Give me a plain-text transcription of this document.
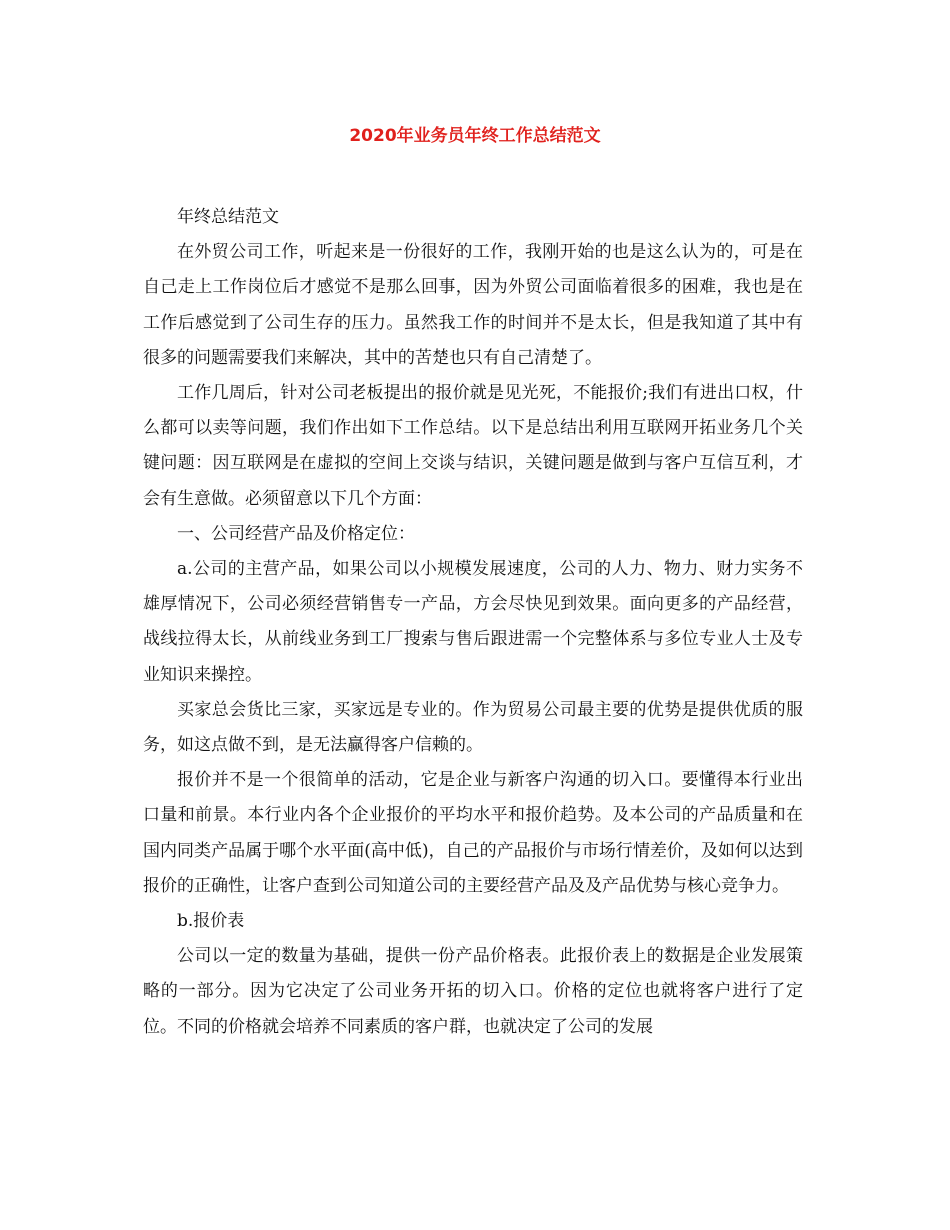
2020年业务员年终工作总结范文

年终总结范文

在外贸公司工作，听起来是一份很好的工作，我刚开始的也是这么认为的，可是在自己走上工作岗位后才感觉不是那么回事，因为外贸公司面临着很多的困难，我也是在工作后感觉到了公司生存的压力。虽然我工作的时间并不是太长，但是我知道了其中有很多的问题需要我们来解决，其中的苦楚也只有自己清楚了。

工作几周后，针对公司老板提出的报价就是见光死，不能报价;我们有进出口权，什么都可以卖等问题，我们作出如下工作总结。以下是总结出利用互联网开拓业务几个关键问题：因互联网是在虚拟的空间上交谈与结识，关键问题是做到与客户互信互利，才会有生意做。必须留意以下几个方面：

一、公司经营产品及价格定位：

a.公司的主营产品，如果公司以小规模发展速度，公司的人力、物力、财力实务不雄厚情况下，公司必须经营销售专一产品，方会尽快见到效果。面向更多的产品经营，战线拉得太长，从前线业务到工厂搜索与售后跟进需一个完整体系与多位专业人士及专业知识来操控。

买家总会货比三家，买家远是专业的。作为贸易公司最主要的优势是提供优质的服务，如这点做不到，是无法赢得客户信赖的。

报价并不是一个很简单的活动，它是企业与新客户沟通的切入口。要懂得本行业出口量和前景。本行业内各个企业报价的平均水平和报价趋势。及本公司的产品质量和在国内同类产品属于哪个水平面(高中低)，自己的产品报价与市场行情差价，及如何以达到报价的正确性，让客户查到公司知道公司的主要经营产品及及产品优势与核心竞争力。

b.报价表

公司以一定的数量为基础，提供一份产品价格表。此报价表上的数据是企业发展策略的一部分。因为它决定了公司业务开拓的切入口。价格的定位也就将客户进行了定位。不同的价格就会培养不同素质的客户群，也就决定了公司的发展
